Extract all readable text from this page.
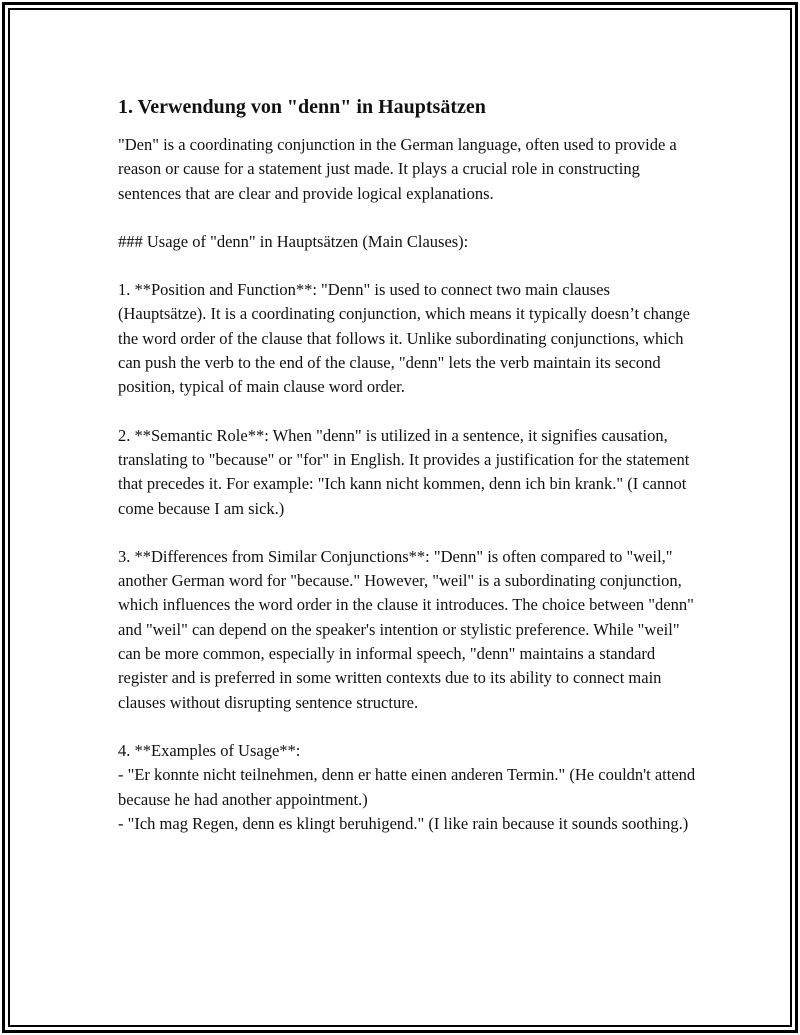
1. Verwendung von "denn" in Hauptsätzen

"Den" is a coordinating conjunction in the German language, often used to provide a reason or cause for a statement just made. It plays a crucial role in constructing sentences that are clear and provide logical explanations.

### Usage of "denn" in Hauptsätzen (Main Clauses):

1. **Position and Function**: "Denn" is used to connect two main clauses (Hauptsätze). It is a coordinating conjunction, which means it typically doesn’t change the word order of the clause that follows it. Unlike subordinating conjunctions, which can push the verb to the end of the clause, "denn" lets the verb maintain its second position, typical of main clause word order.

2. **Semantic Role**: When "denn" is utilized in a sentence, it signifies causation, translating to "because" or "for" in English. It provides a justification for the statement that precedes it. For example: "Ich kann nicht kommen, denn ich bin krank." (I cannot come because I am sick.)

3. **Differences from Similar Conjunctions**: "Denn" is often compared to "weil," another German word for "because." However, "weil" is a subordinating conjunction, which influences the word order in the clause it introduces. The choice between "denn" and "weil" can depend on the speaker's intention or stylistic preference. While "weil" can be more common, especially in informal speech, "denn" maintains a standard register and is preferred in some written contexts due to its ability to connect main clauses without disrupting sentence structure.

4. **Examples of Usage**:
- "Er konnte nicht teilnehmen, denn er hatte einen anderen Termin." (He couldn't attend because he had another appointment.)
- "Ich mag Regen, denn es klingt beruhigend." (I like rain because it sounds soothing.)
